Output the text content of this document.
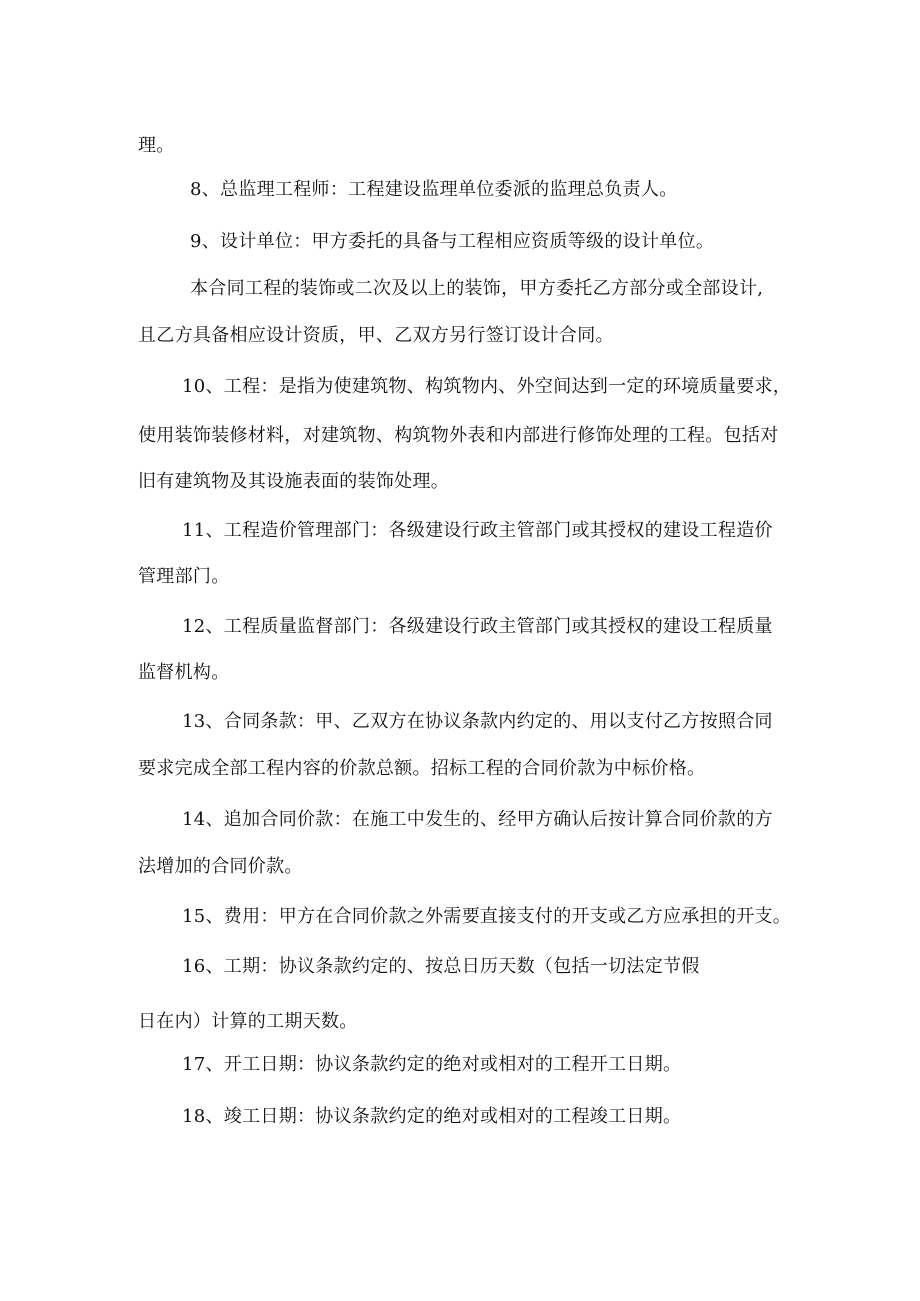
理。
8、总监理工程师：工程建设监理单位委派的监理总负责人。
9、设计单位：甲方委托的具备与工程相应资质等级的设计单位。
本合同工程的装饰或二次及以上的装饰，甲方委托乙方部分或全部设计,
且乙方具备相应设计资质，甲、乙双方另行签订设计合同。
10、工程：是指为使建筑物、构筑物内、外空间达到一定的环境质量要求，
使用装饰装修材料，对建筑物、构筑物外表和内部进行修饰处理的工程。包括对
旧有建筑物及其设施表面的装饰处理。
11、工程造价管理部门：各级建设行政主管部门或其授权的建设工程造价
管理部门。
12、工程质量监督部门：各级建设行政主管部门或其授权的建设工程质量
监督机构。
13、合同条款：甲、乙双方在协议条款内约定的、用以支付乙方按照合同
要求完成全部工程内容的价款总额。招标工程的合同价款为中标价格。
14、追加合同价款：在施工中发生的、经甲方确认后按计算合同价款的方
法增加的合同价款。
15、费用：甲方在合同价款之外需要直接支付的开支或乙方应承担的开支。
16、工期：协议条款约定的、按总日历天数（包括一切法定节假
日在内）计算的工期天数。
17、开工日期：协议条款约定的绝对或相对的工程开工日期。
18、竣工日期：协议条款约定的绝对或相对的工程竣工日期。
